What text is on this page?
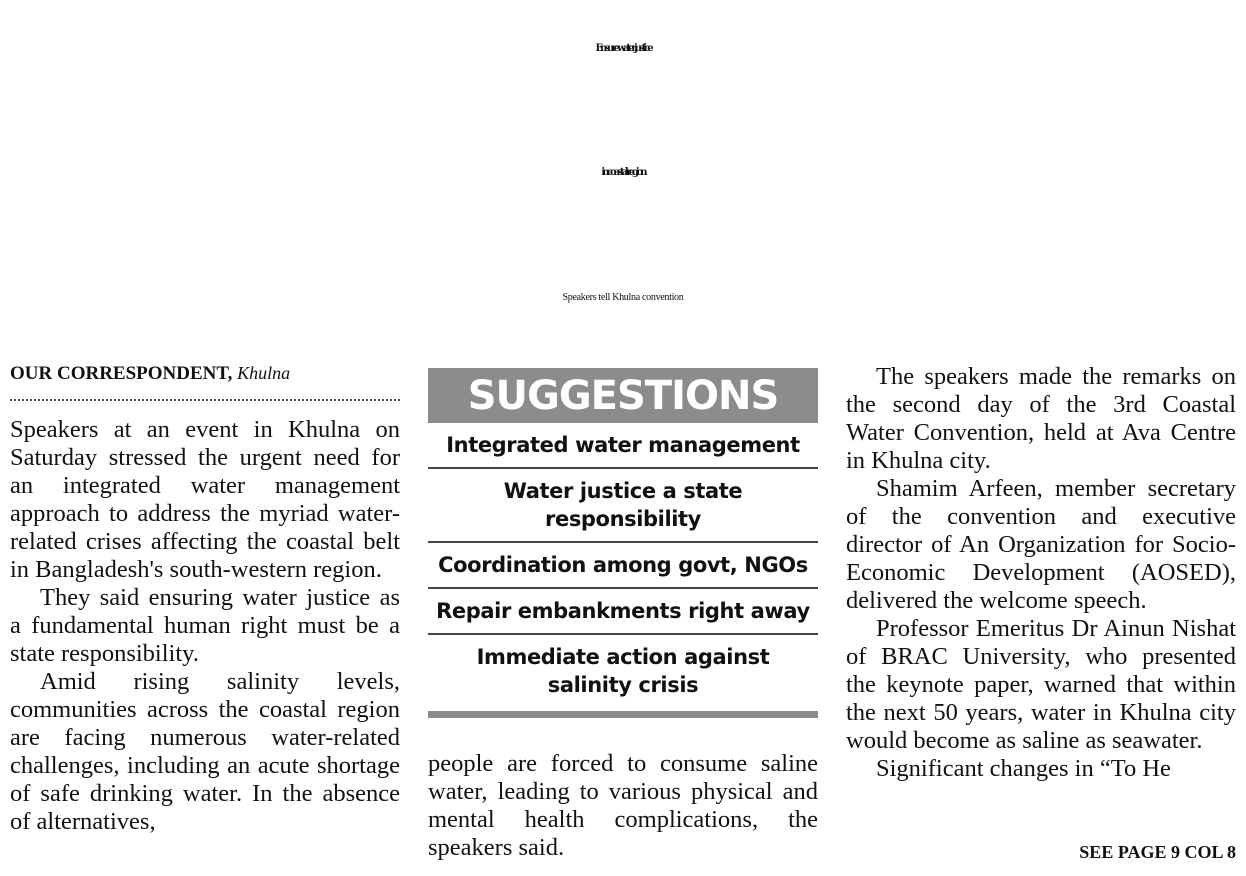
Ensure water justice
in coastal region
Speakers tell Khulna convention
OUR CORRESPONDENT, Khulna

Speakers at an event in Khulna on Saturday stressed the urgent need for an integrated water management approach to address the myriad water-related crises affecting the coastal belt in Bangladesh's south-western region.

They said ensuring water justice as a fundamental human right must be a state responsibility.

Amid rising salinity levels, communities across the coastal region are facing numerous water-related challenges, including an acute shortage of safe drinking water. In the absence of alternatives,

SUGGESTIONS
Integrated water management
Water justice a state responsibility
Coordination among govt, NGOs
Repair embankments right away
Immediate action against salinity crisis

people are forced to consume saline water, leading to various physical and mental health complications, the speakers said.

The speakers made the remarks on the second day of the 3rd Coastal Water Convention, held at Ava Centre in Khulna city.

Shamim Arfeen, member secretary of the convention and executive director of An Organization for Socio-Economic Development (AOSED), delivered the welcome speech.

Professor Emeritus Dr Ainun Nishat of BRAC University, who presented the keynote paper, warned that within the next 50 years, water in Khulna city would become as saline as seawater.

Significant changes in “To He

SEE PAGE 9 COL 8
